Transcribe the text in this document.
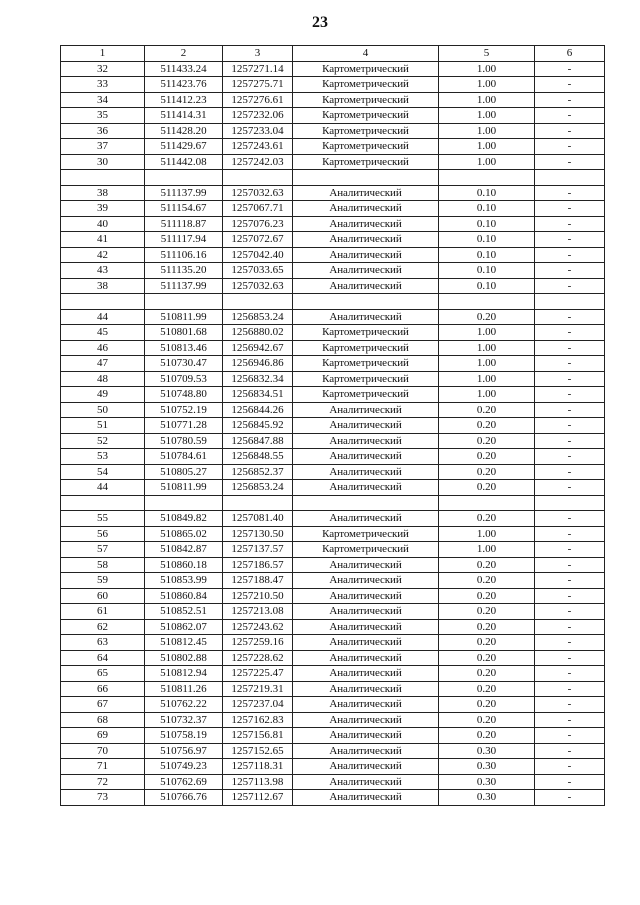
23
1	2	3	4	5	6
32	511433.24	1257271.14	Картометрический	1.00	-
33	511423.76	1257275.71	Картометрический	1.00	-
34	511412.23	1257276.61	Картометрический	1.00	-
35	511414.31	1257232.06	Картометрический	1.00	-
36	511428.20	1257233.04	Картометрический	1.00	-
37	511429.67	1257243.61	Картометрический	1.00	-
30	511442.08	1257242.03	Картометрический	1.00	-

38	511137.99	1257032.63	Аналитический	0.10	-
39	511154.67	1257067.71	Аналитический	0.10	-
40	511118.87	1257076.23	Аналитический	0.10	-
41	511117.94	1257072.67	Аналитический	0.10	-
42	511106.16	1257042.40	Аналитический	0.10	-
43	511135.20	1257033.65	Аналитический	0.10	-
38	511137.99	1257032.63	Аналитический	0.10	-

44	510811.99	1256853.24	Аналитический	0.20	-
45	510801.68	1256880.02	Картометрический	1.00	-
46	510813.46	1256942.67	Картометрический	1.00	-
47	510730.47	1256946.86	Картометрический	1.00	-
48	510709.53	1256832.34	Картометрический	1.00	-
49	510748.80	1256834.51	Картометрический	1.00	-
50	510752.19	1256844.26	Аналитический	0.20	-
51	510771.28	1256845.92	Аналитический	0.20	-
52	510780.59	1256847.88	Аналитический	0.20	-
53	510784.61	1256848.55	Аналитический	0.20	-
54	510805.27	1256852.37	Аналитический	0.20	-
44	510811.99	1256853.24	Аналитический	0.20	-

55	510849.82	1257081.40	Аналитический	0.20	-
56	510865.02	1257130.50	Картометрический	1.00	-
57	510842.87	1257137.57	Картометрический	1.00	-
58	510860.18	1257186.57	Аналитический	0.20	-
59	510853.99	1257188.47	Аналитический	0.20	-
60	510860.84	1257210.50	Аналитический	0.20	-
61	510852.51	1257213.08	Аналитический	0.20	-
62	510862.07	1257243.62	Аналитический	0.20	-
63	510812.45	1257259.16	Аналитический	0.20	-
64	510802.88	1257228.62	Аналитический	0.20	-
65	510812.94	1257225.47	Аналитический	0.20	-
66	510811.26	1257219.31	Аналитический	0.20	-
67	510762.22	1257237.04	Аналитический	0.20	-
68	510732.37	1257162.83	Аналитический	0.20	-
69	510758.19	1257156.81	Аналитический	0.20	-
70	510756.97	1257152.65	Аналитический	0.30	-
71	510749.23	1257118.31	Аналитический	0.30	-
72	510762.69	1257113.98	Аналитический	0.30	-
73	510766.76	1257112.67	Аналитический	0.30	-
